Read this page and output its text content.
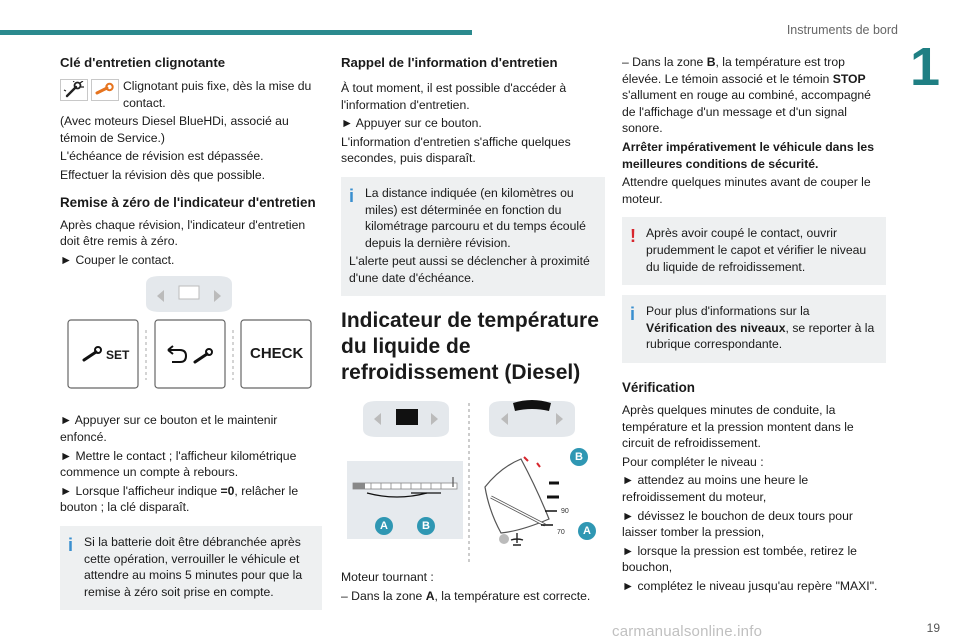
Instruments de bord
1
Clé d'entretien clignotante

Clignotant puis fixe, dès la mise du contact.

(Avec moteurs Diesel BlueHDi, associé au témoin de Service.)

L'échéance de révision est dépassée.

Effectuer la révision dès que possible.

Remise à zéro de l'indicateur d'entretien

Après chaque révision, l'indicateur d'entretien doit être remis à zéro.

► Couper le contact.

SET	CHECK

► Appuyer sur ce bouton et le maintenir enfoncé.

► Mettre le contact ; l'afficheur kilométrique commence un compte à rebours.

► Lorsque l'afficheur indique =0, relâcher le bouton ; la clé disparaît.

i Si la batterie doit être débranchée après cette opération, verrouiller le véhicule et attendre au moins 5 minutes pour que la remise à zéro soit prise en compte.

Rappel de l'information d'entretien

À tout moment, il est possible d'accéder à l'information d'entretien.

► Appuyer sur ce bouton.

L'information d'entretien s'affiche quelques secondes, puis disparaît.

i La distance indiquée (en kilomètres ou miles) est déterminée en fonction du kilométrage parcouru et du temps écoulé depuis la dernière révision.

L'alerte peut aussi se déclencher à proximité d'une date d'échéance.

Indicateur de température du liquide de refroidissement (Diesel)
B
A
A	B
90
70

Moteur tournant :

– Dans la zone A, la température est correcte.

– Dans la zone B, la température est trop élevée. Le témoin associé et le témoin STOP s'allument en rouge au combiné, accompagné de l'affichage d'un message et d'un signal sonore.

Arrêter impérativement le véhicule dans les meilleures conditions de sécurité.

Attendre quelques minutes avant de couper le moteur.

! Après avoir coupé le contact, ouvrir prudemment le capot et vérifier le niveau du liquide de refroidissement.

i Pour plus d'informations sur la Vérification des niveaux, se reporter à la rubrique correspondante.

Vérification

Après quelques minutes de conduite, la température et la pression montent dans le circuit de refroidissement.

Pour compléter le niveau :

► attendez au moins une heure le refroidissement du moteur,

► dévissez le bouchon de deux tours pour laisser tomber la pression,

► lorsque la pression est tombée, retirez le bouchon,

► complétez le niveau jusqu'au repère "MAXI".

carmanualsonline.info	19
